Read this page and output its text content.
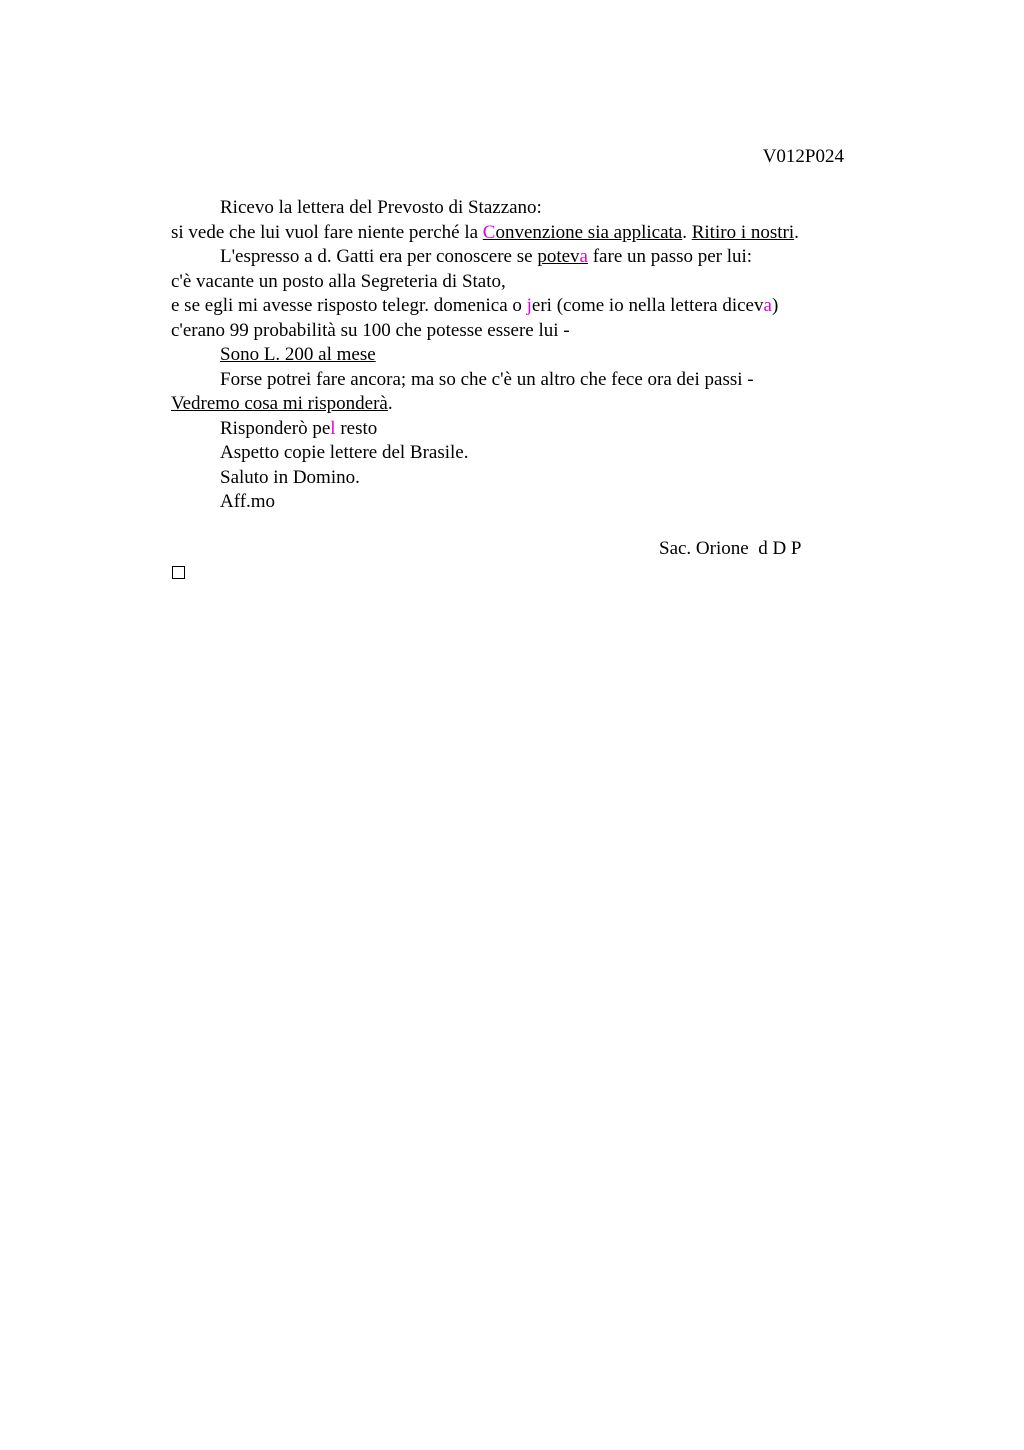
V012P024
Ricevo la lettera del Prevosto di Stazzano:
si vede che lui vuol fare niente perché la Convenzione sia applicata. Ritiro i nostri.
L'espresso a d. Gatti era per conoscere se poteva fare un passo per lui:
c'è vacante un posto alla Segreteria di Stato,
e se egli mi avesse risposto telegr. domenica o jeri (come io nella lettera diceva)
c'erano 99 probabilità su 100 che potesse essere lui -
Sono L. 200 al mese
Forse potrei fare ancora; ma so che c'è un altro che fece ora dei passi -
Vedremo cosa mi risponderà.
Risponderò pel resto
Aspetto copie lettere del Brasile.
Saluto in Domino.
Aff.mo
Sac. Orione  d D P
